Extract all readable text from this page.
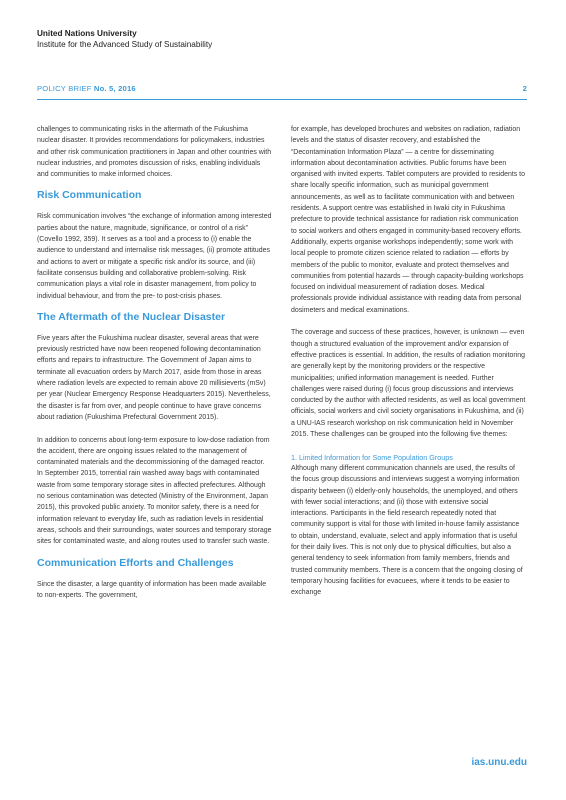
United Nations University
Institute for the Advanced Study of Sustainability
POLICY BRIEF No. 5, 2016	2

challenges to communicating risks in the aftermath of the Fukushima nuclear disaster. It provides recommendations for policymakers, industries and other risk communication practitioners in Japan and other countries with nuclear industries, and promotes discussion of risks, enabling individuals and communities to make informed choices.

Risk Communication

Risk communication involves “the exchange of information among interested parties about the nature, magnitude, significance, or control of a risk” (Covello 1992, 359). It serves as a tool and a process to (i) enable the audience to understand and internalise risk messages, (ii) promote attitudes and actions to avert or mitigate a specific risk and/or its source, and (iii) facilitate consensus building and collaborative problem-solving. Risk communication plays a vital role in disaster management, from policy to individual behaviour, and from the pre- to post-crisis phases.

The Aftermath of the Nuclear Disaster

Five years after the Fukushima nuclear disaster, several areas that were previously restricted have now been reopened following decontamination efforts and repairs to infrastructure. The Government of Japan aims to terminate all evacuation orders by March 2017, aside from those in areas where radiation levels are expected to remain above 20 millisieverts (mSv) per year (Nuclear Emergency Response Headquarters 2015). Nevertheless, the disaster is far from over, and people continue to have grave concerns about radiation (Fukushima Prefectural Government 2015).

In addition to concerns about long-term exposure to low-dose radiation from the accident, there are ongoing issues related to the management of contaminated materials and the decommissioning of the damaged reactor. In September 2015, torrential rain washed away bags with contaminated waste from some temporary storage sites in affected prefectures. Although no serious contamination was detected (Ministry of the Environment, Japan 2015), this provoked public anxiety. To monitor safety, there is a need for information relevant to everyday life, such as radiation levels in residential areas, schools and their surroundings, water sources and temporary storage sites for contaminated waste, and along routes used to transfer such waste.

Communication Efforts and Challenges

Since the disaster, a large quantity of information has been made available to non-experts. The government,

for example, has developed brochures and websites on radiation, radiation levels and the status of disaster recovery, and established the “Decontamination Information Plaza” — a centre for disseminating information about decontamination activities. Public forums have been organised with invited experts. Tablet computers are provided to residents to share locally specific information, such as municipal government announcements, as well as to facilitate communication with and between residents. A support centre was established in Iwaki city in Fukushima prefecture to provide technical assistance for radiation risk communication to social workers and others engaged in community-based recovery efforts. Additionally, experts organise workshops independently; some work with local people to promote citizen science related to radiation — efforts by members of the public to monitor, evaluate and protect themselves and communities from potential hazards — through capacity-building workshops focused on individual measurement of radiation doses. Medical professionals provide individual assistance with reading data from personal dosimeters and medical examinations.

The coverage and success of these practices, however, is unknown — even though a structured evaluation of the improvement and/or expansion of effective practices is essential. In addition, the results of radiation monitoring are generally kept by the monitoring providers or the respective municipalities; unified information management is needed. Further challenges were raised during (i) focus group discussions and interviews conducted by the author with affected residents, as well as local government officials, social workers and civil society organisations in Fukushima, and (ii) a UNU-IAS research workshop on risk communication held in November 2015. These challenges can be grouped into the following five themes:

1. Limited Information for Some Population Groups

Although many different communication channels are used, the results of the focus group discussions and interviews suggest a worrying information disparity between (i) elderly-only households, the unemployed, and others with fewer social interactions; and (ii) those with extensive social interactions. Participants in the field research repeatedly noted that community support is vital for those with limited in-house family assistance to obtain, understand, evaluate, select and apply information that is useful for their daily lives. This is not only due to physical difficulties, but also a general tendency to seek information from family members, friends and trusted community members. There is a concern that the ongoing closing of temporary housing facilities for evacuees, where it tends to be easier to exchange

ias.unu.edu
